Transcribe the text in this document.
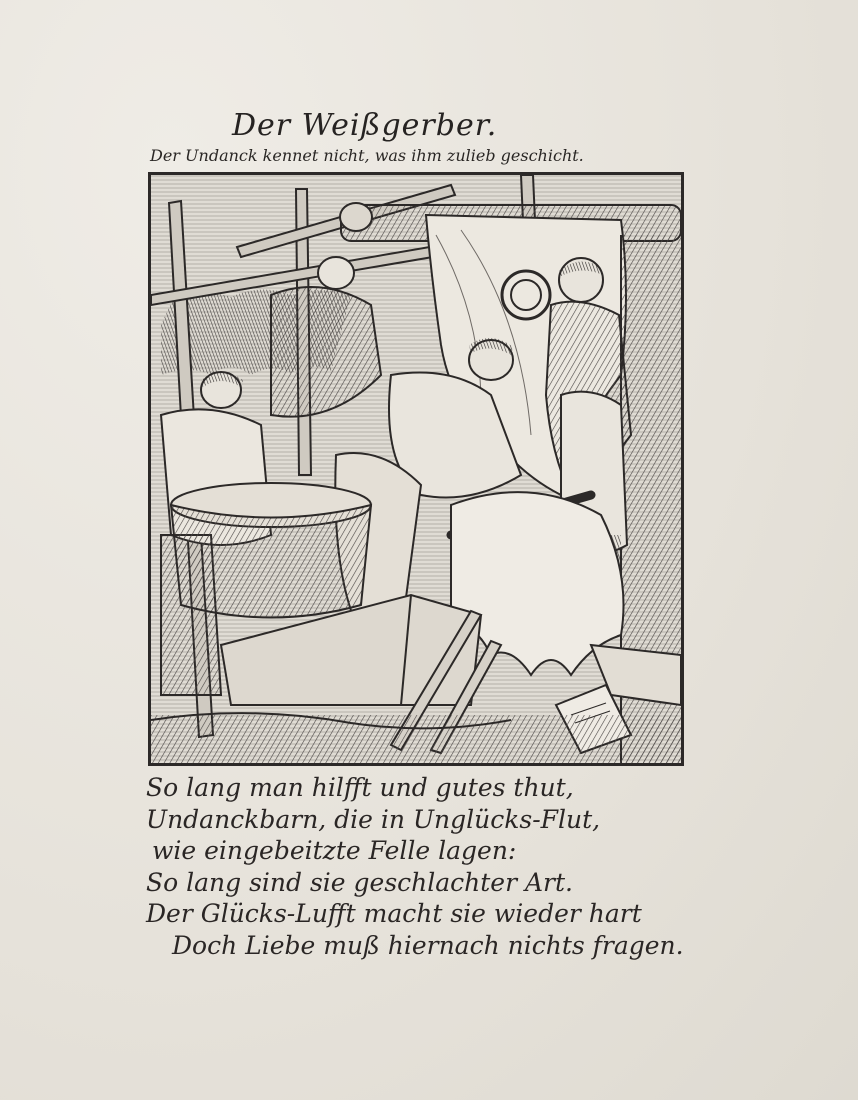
Der Weißgerber.
Der Undanck kennet nicht, was ihm zulieb geschicht.
So lang man hilfft und gutes thut,
Undanckbarn, die in Unglücks-Flut,
wie eingebeitzte Felle lagen:
So lang sind sie geschlachter Art.
Der Glücks-Lufft macht sie wieder hart
Doch Liebe muß hiernach nichts fragen.
